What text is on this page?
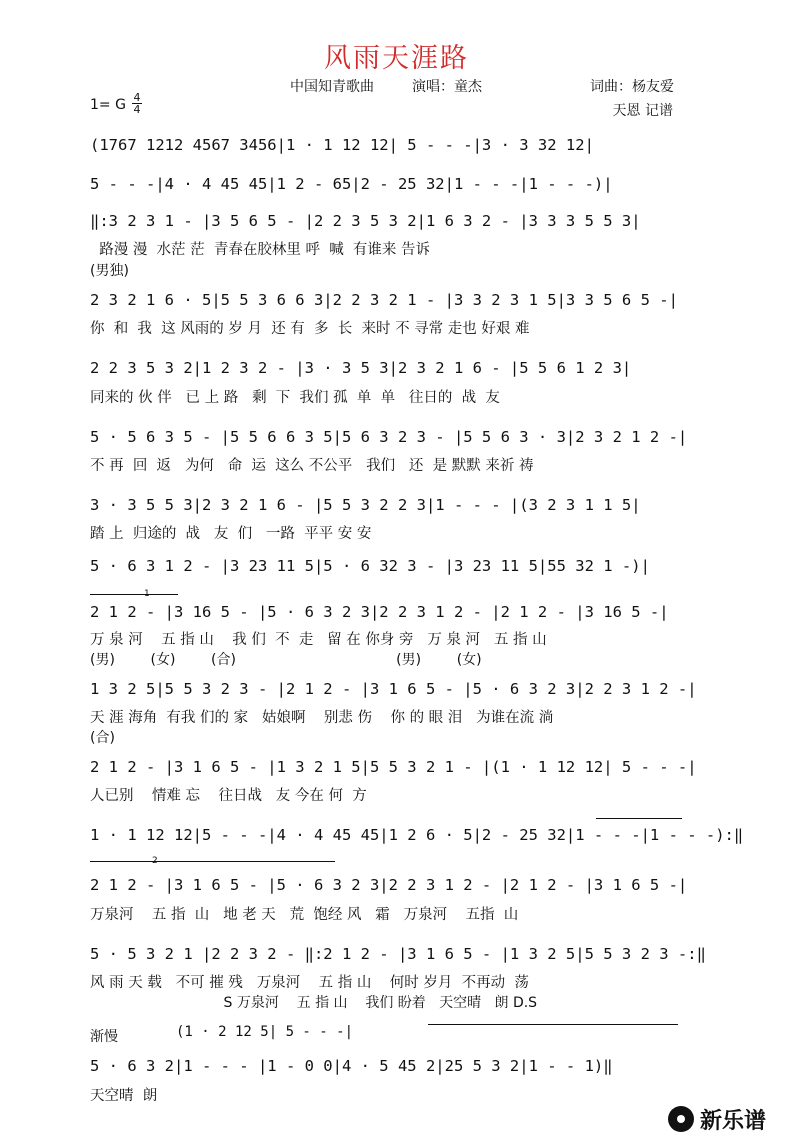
风雨天涯路
中国知青歌曲	演唱：童杰	词曲：杨友爱
1= G 4
4	天恩 记谱
(1767 1212 4567 3456|1 · 1 12 12| 5 - - -|3 · 3 32 12|
5 - - -|4 · 4 45 45|1 2 - 65|2 - 25 32|1 - - -|1 - - -)|
‖:3 2 3 1 - |3 5 6 5 - |2 2 3 5 3 2|1 6 3 2 - |3 3 3 5 5 3|
路漫 漫  水茫 茫  青春在胶林里 呼  喊  有谁来 告诉
(男独)
2 3 2 1 6 · 5|5 5 3 6 6 3|2 2 3 2 1 - |3 3 2 3 1 5|3 3 5 6 5 -|
你  和  我  这 风雨的 岁 月  还 有  多  长  来时 不 寻常 走也 好艰 难
2 2 3 5 3 2|1 2 3 2 - |3 · 3 5 3|2 3 2 1 6 - |5 5 6 1 2 3|
同来的 伙 伴   已 上 路   剩  下  我们 孤  单  单   往日的  战  友
5 · 5 6 3 5 - |5 5 6 6 3 5|5 6 3 2 3 - |5 5 6 3 · 3|2 3 2 1 2 -|
不 再  回  返   为何   命  运  这么 不公平   我们   还  是 默默 来祈 祷
3 · 3 5 5 3|2 3 2 1 6 - |5 5 3 2 2 3|1 - - - |(3 2 3 1 1 5|
踏 上  归途的  战   友  们   一路  平平 安 安
5 · 6 3 1 2 - |3 23 11 5|5 · 6 32 3 - |3 23 11 5|55 32 1 -)|
1
2 1 2 - |3 16 5 - |5 · 6 3 2 3|2 2 3 1 2 - |2 1 2 - |3 16 5 -|
万 泉 河    五 指 山    我 们  不  走   留 在 你身 旁   万 泉 河   五 指 山
(男)        (女)        (合)                                    (男)        (女)
1 3 2 5|5 5 3 2 3 - |2 1 2 - |3 1 6 5 - |5 · 6 3 2 3|2 2 3 1 2 -|
天 涯 海角  有我 们的 家   姑娘啊    别悲 伤    你 的 眼 泪   为谁在流 淌
(合)
2 1 2 - |3 1 6 5 - |1 3 2 1 5|5 5 3 2 1 - |(1 · 1 12 12| 5 - - -|
人已别    情难 忘    往日战   友 今在 何  方
1 · 1 12 12|5 - - -|4 · 4 45 45|1 2 6 · 5|2 - 25 32|1 - - -|1 - - -):‖
2
2 1 2 - |3 1 6 5 - |5 · 6 3 2 3|2 2 3 1 2 - |2 1 2 - |3 1 6 5 -|
万泉河    五 指  山   地 老 天   荒  饱经 风   霜   万泉河    五指  山
5 · 5 3 2 1 |2 2 3 2 - ‖:2 1 2 - |3 1 6 5 - |1 3 2 5|5 5 3 2 3 -:‖
风 雨 天 载   不可 摧 残   万泉河    五 指 山    何时 岁月  不再动  荡
S 万泉河    五 指 山    我们 盼着   天空晴   朗 D.S
渐慢	(1 · 2 12 5| 5 - - -|
5 · 6 3 2|1 - - - |1 - 0 0|4 · 5 45 2|25 5 3 2|1 - - 1)‖
天空晴  朗
新乐谱
